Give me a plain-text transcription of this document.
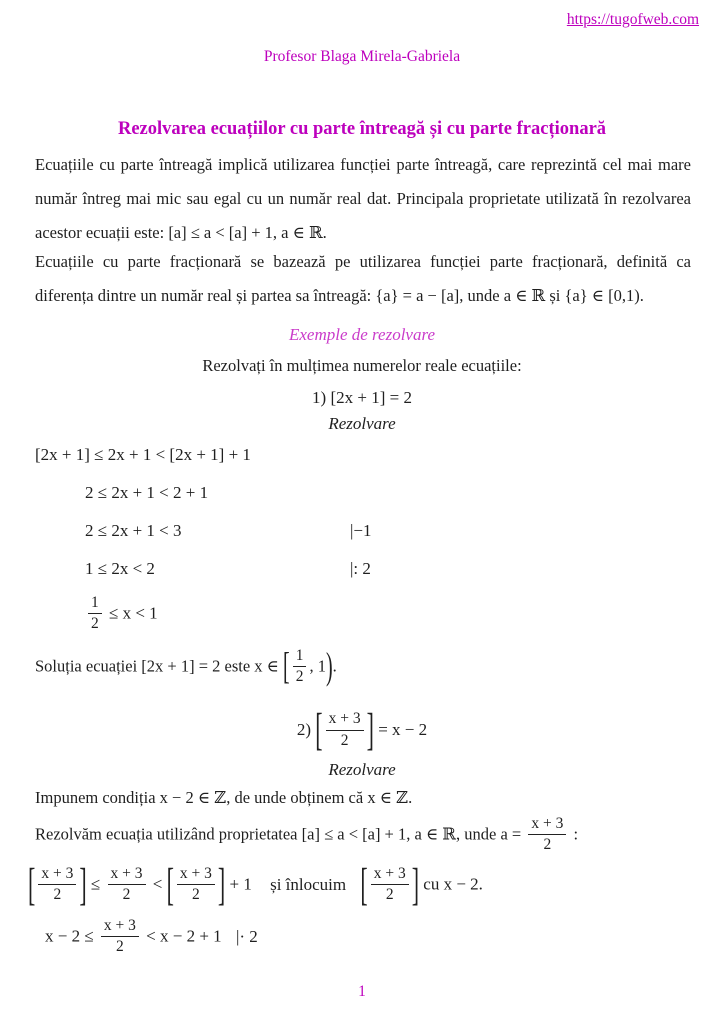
https://tugofweb.com
Profesor Blaga Mirela-Gabriela
Rezolvarea ecuațiilor cu parte întreagă și cu parte fracționară
Ecuațiile cu parte întreagă implică utilizarea funcției parte întreagă, care reprezintă cel mai mare număr întreg mai mic sau egal cu un număr real dat. Principala proprietate utilizată în rezolvarea acestor ecuații este: [a] ≤ a < [a] + 1, a ∈ ℝ.
Ecuațiile cu parte fracționară se bazează pe utilizarea funcției parte fracționară, definită ca diferența dintre un număr real și partea sa întreagă: {a} = a − [a], unde a ∈ ℝ și {a} ∈ [0,1).
Exemple de rezolvare
Rezolvați în mulțimea numerelor reale ecuațiile:
1) [2x + 1] = 2
Rezolvare
[2x + 1] ≤ 2x + 1 < [2x + 1] + 1
2 ≤ 2x + 1 < 2 + 1
2 ≤ 2x + 1 < 3	|−1
1 ≤ 2x < 2	|: 2
$\frac{1}{2} \le x < 1$
Soluția ecuației [2x + 1] = 2 este x ∈ [ $\frac{1}{2}$ , 1).
2) [ $\frac{x + 3}{2}$ ] = x − 2
Rezolvare
Impunem condiția x − 2 ∈ ℤ, de unde obținem că x ∈ ℤ.
Rezolvăm ecuația utilizând proprietatea [a] ≤ a < [a] + 1, a ∈ ℝ, unde $a = \frac{x + 3}{2}$ :
[ $\frac{x + 3}{2}$ ] ≤ $\frac{x + 3}{2}$ < [ $\frac{x + 3}{2}$ ] + 1 și înlocuim [ $\frac{x + 3}{2}$ ] cu x − 2.
$x - 2 \le \frac{x + 3}{2} < x - 2 + 1$ |· 2
1
